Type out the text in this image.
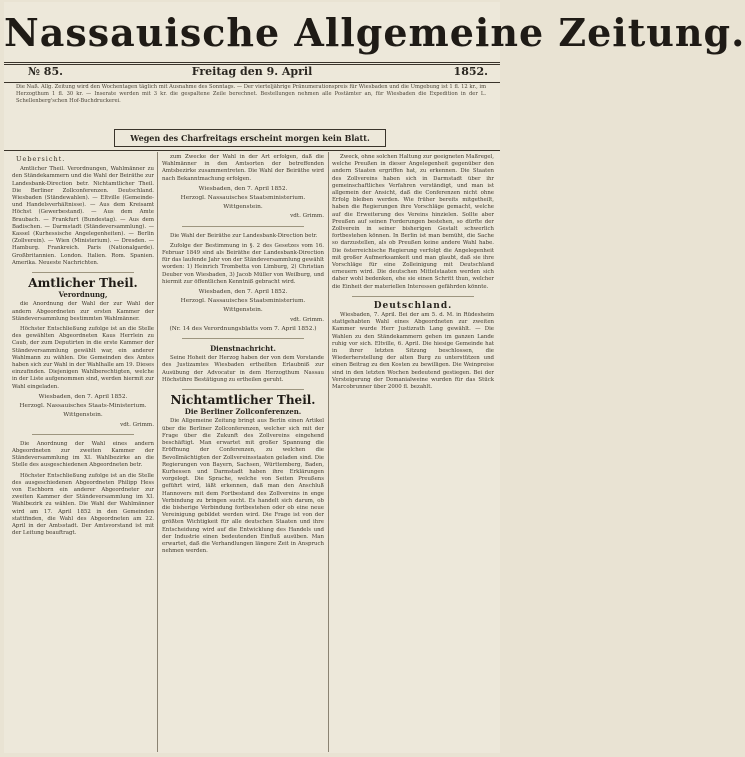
Nassauische Allgemeine Zeitung.
№ 85.	Freitag den 9. April	1852.
Die Naß. Allg. Zeitung wird den Wochentagen täglich mit Ausnahme des Sonntags. — Der vierteljährige Pränumerationspreis für Wiesbaden und die Umgebung ist 1 fl. 12 kr., im Herzogthum 1 fl. 30 kr. — Inserate werden mit 3 kr. die gespaltene Zeile berechnet. Bestellungen nehmen alle Postämter an, für Wiesbaden die Expedition in der L. Schellenberg'schen Hof-Buchdruckerei.
Wegen des Charfreitags erscheint morgen kein Blatt.
Uebersicht.

Amtlicher Theil. Verordnungen, Wahlmänner zu den Ständekammern und die Wahl der Beiräthe zur Landesbank-Direction betr. Nichtamtlicher Theil. Die Berliner Zollconferenzen. Deutschland. Wiesbaden (Ständewahlen). — Eltville (Gemeinde- und Handelsverhältnisse). — Aus dem Kreisamt Höchst (Gewerbestand). — Aus dem Amte Braubach. — Frankfurt (Bundestag). — Aus dem Badischen. — Darmstadt (Ständeversammlung). — Kassel (Kurhessische Angelegenheiten). — Berlin (Zollverein). — Wien (Ministerium). — Dresden. — Hamburg. Frankreich. Paris (Nationalgarde). Großbritannien. London. Italien. Rom. Spanien. Amerika. Neueste Nachrichten.

Amtlicher Theil.
Verordnung,

die Anordnung der Wahl der zur Wahl der andern Abgeordneten zur ersten Kammer der Ständeversammlung bestimmten Wahlmänner.

Höchster Entschließung zufolge ist an die Stelle des gewählten Abgeordneten Kaus Herrlein zu Caub, der zum Deputirten in die erste Kammer der Ständeversammlung gewählt war, ein anderer Wahlmann zu wählen. Die Gemeinden des Amtes haben sich zur Wahl in der Wahlhalle am 19. Dieses einzufinden. Diejenigen Wahlberechtigten, welche in der Liste aufgenommen sind, werden hiermit zur Wahl eingeladen.

Wiesbaden, den 7. April 1852.
Herzogl. Nassauisches Staats-Ministerium.
Wittgenstein.
vdt. Grimm.

Die Anordnung der Wahl eines andern Abgeordneten zur zweiten Kammer der Ständeversammlung im XI. Wahlbezirke an die Stelle des ausgeschiedenen Abgeordneten betr.

Höchster Entschließung zufolge ist an die Stelle des ausgeschiedenen Abgeordneten Philipp Hess von Eschborn ein anderer Abgeordneter zur zweiten Kammer der Ständeversammlung im XI. Wahlbezirk zu wählen. Die Wahl der Wahlmänner wird am 17. April 1852 in den Gemeinden stattfinden, die Wahl des Abgeordneten am 22. April in der Amtsstadt. Der Amtsvorstand ist mit der Leitung beauftragt.

zum Zwecke der Wahl in der Art erfolgen, daß die Wahlmänner in den Amtsorten der betreffenden Amtsbezirke zusammentreten. Die Wahl der Beiräthe wird nach Bekanntmachung erfolgen.

Wiesbaden, den 7. April 1852.
Herzogl. Nassauisches Staatsministerium.
Wittgenstein.
vdt. Grimm.

Die Wahl der Beiräthe zur Landesbank-Direction betr.

Zufolge der Bestimmung in §. 2 des Gesetzes vom 16. Februar 1849 sind als Beiräthe der Landesbank-Direction für das laufende Jahr von der Ständeversammlung gewählt worden: 1) Heinrich Trombetta von Limburg, 2) Christian Deuber von Wiesbaden, 3) Jacob Müller von Weilburg, und hiermit zur öffentlichen Kenntniß gebracht wird.

Wiesbaden, den 7. April 1852.
Herzogl. Nassauisches Staatsministerium.
Wittgenstein.
vdt. Grimm.
(Nr. 14 des Verordnungsblatts vom 7. April 1852.)
Dienstnachricht.

Seine Hoheit der Herzog haben der von dem Vorstande des Justizamtes Wiesbaden ertheilten Erlaubniß zur Ausübung der Advocatur in dem Herzogthum Nassau Höchstihre Bestätigung zu ertheilen geruht.

Nichtamtlicher Theil.
Die Berliner Zollconferenzen.

Die Allgemeine Zeitung bringt aus Berlin einen Artikel über die Berliner Zollconferenzen, welcher sich mit der Frage über die Zukunft des Zollvereins eingehend beschäftigt. Man erwartet mit großer Spannung die Eröffnung der Conferenzen, zu welchen die Bevollmächtigten der Zollvereinsstaaten geladen sind. Die Regierungen von Bayern, Sachsen, Württemberg, Baden, Kurhessen und Darmstadt haben ihre Erklärungen vorgelegt. Die Sprache, welche von Seiten Preußens geführt wird, läßt erkennen, daß man den Anschluß Hannovers mit dem Fortbestand des Zollvereins in enge Verbindung zu bringen sucht. Es handelt sich darum, ob die bisherige Verbindung fortbestehen oder ob eine neue Vereinigung gebildet werden wird. Die Frage ist von der größten Wichtigkeit für alle deutschen Staaten und ihre Entscheidung wird auf die Entwicklung des Handels und der Industrie einen bedeutenden Einfluß ausüben. Man erwartet, daß die Verhandlungen längere Zeit in Anspruch nehmen werden.

Zweck, ohne solchen Haltung zur geeigneten Maßregel, welche Preußen in dieser Angelegenheit gegenüber den andern Staaten ergriffen hat, zu erkennen. Die Staaten des Zollvereins haben sich in Darmstadt über ihr gemeinschaftliches Verfahren verständigt, und man ist allgemein der Ansicht, daß die Conferenzen nicht ohne Erfolg bleiben werden. Wie früher bereits mitgetheilt, haben die Regierungen ihre Vorschläge gemacht, welche auf die Erweiterung des Vereins hinzielen. Sollte aber Preußen auf seinen Forderungen bestehen, so dürfte der Zollverein in seiner bisherigen Gestalt schwerlich fortbestehen können. In Berlin ist man bemüht, die Sache so darzustellen, als ob Preußen keine andere Wahl habe. Die österreichische Regierung verfolgt die Angelegenheit mit großer Aufmerksamkeit und man glaubt, daß sie ihre Vorschläge für eine Zolleinigung mit Deutschland erneuern wird. Die deutschen Mittelstaaten werden sich daher wohl bedenken, ehe sie einen Schritt thun, welcher die Einheit der materiellen Interessen gefährden könnte.

Deutschland.

Wiesbaden, 7. April. Bei der am 5. d. M. in Rüdesheim stattgehabten Wahl eines Abgeordneten zur zweiten Kammer wurde Herr Justizrath Lang gewählt. — Die Wahlen zu den Ständekammern gehen im ganzen Lande ruhig vor sich. Eltville, 6. April. Die hiesige Gemeinde hat in ihrer letzten Sitzung beschlossen, die Wiederherstellung der alten Burg zu unterstützen und einen Beitrag zu den Kosten zu bewilligen. Die Weinpreise sind in den letzten Wochen bedeutend gestiegen. Bei der Versteigerung der Domanialweine wurden für das Stück Marcobrunner über 2000 fl. bezahlt.
